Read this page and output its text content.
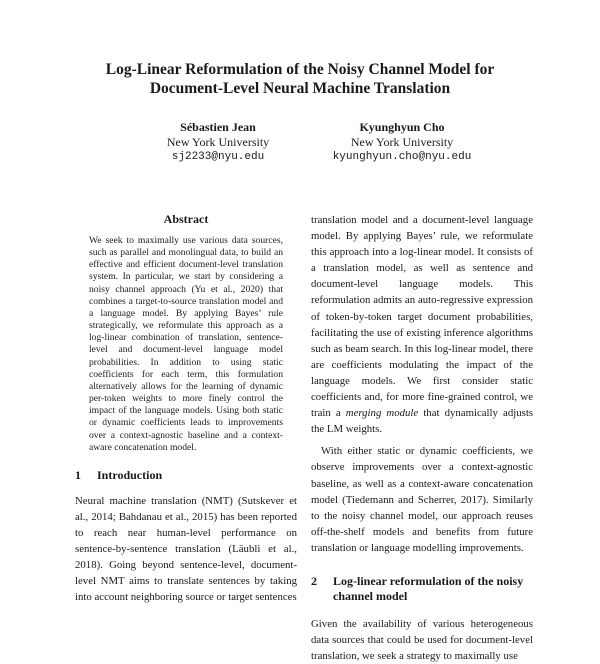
Log-Linear Reformulation of the Noisy Channel Model for
Document-Level Neural Machine Translation
Sébastien Jean
New York University
sj2233@nyu.edu
Kyunghyun Cho
New York University
kyunghyun.cho@nyu.edu
Abstract

We seek to maximally use various data sources, such as parallel and monolingual data, to build an effective and efficient document-level translation system. In particular, we start by considering a noisy channel approach (Yu et al., 2020) that combines a target-to-source translation model and a language model. By applying Bayes’ rule strategically, we reformulate this approach as a log-linear combination of translation, sentence-level and document-level language model probabilities. In addition to using static coefficients for each term, this formulation alternatively allows for the learning of dynamic per-token weights to more finely control the impact of the language models. Using both static or dynamic coefficients leads to improvements over a context-agnostic baseline and a context-aware concatenation model.

1	Introduction

Neural machine translation (NMT) (Sutskever et al., 2014; Bahdanau et al., 2015) has been reported to reach near human-level performance on sentence-by-sentence translation (Läubli et al., 2018). Going beyond sentence-level, document-level NMT aims to translate sentences by taking into account neighboring source or target sentences

translation model and a document-level language model. By applying Bayes’ rule, we reformulate this approach into a log-linear model. It consists of a translation model, as well as sentence and document-level language models. This reformulation admits an auto-regressive expression of token-by-token target document probabilities, facilitating the use of existing inference algorithms such as beam search. In this log-linear model, there are coefficients modulating the impact of the language models. We first consider static coefficients and, for more fine-grained control, we train a merging module that dynamically adjusts the LM weights.

With either static or dynamic coefficients, we observe improvements over a context-agnostic baseline, as well as a context-aware concatenation model (Tiedemann and Scherrer, 2017). Similarly to the noisy channel model, our approach reuses off-the-shelf models and benefits from future translation or language modelling improvements.

2	Log-linear reformulation of the noisy channel model

Given the availability of various heterogeneous data sources that could be used for document-level translation, we seek a strategy to maximally use
